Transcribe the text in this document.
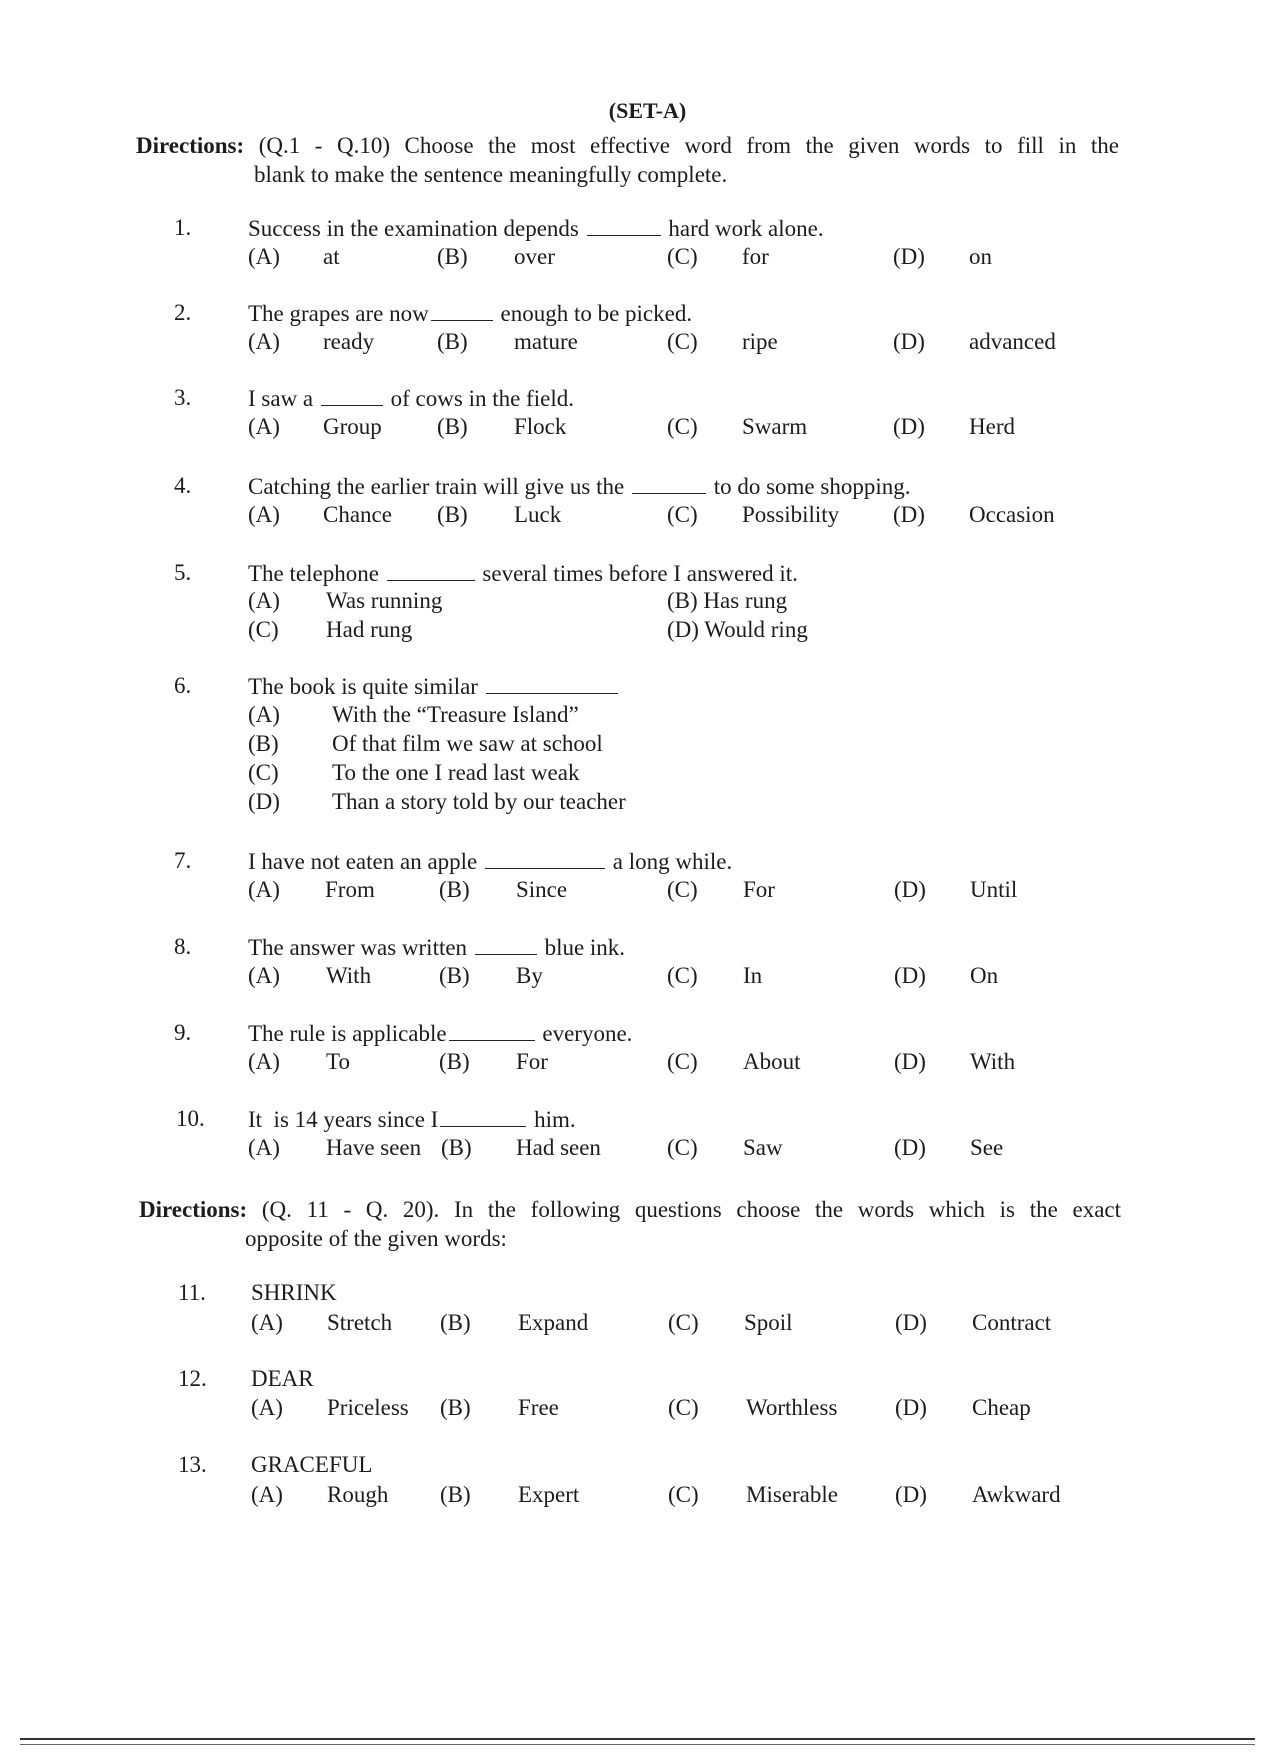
(SET-A)
Directions: (Q.1 - Q.10) Choose the most effective word from the given words to fill in the
blank to make the sentence meaningfully complete.
1. Success in the examination depends	hard work alone.
(A) at	(B) over	(C) for	(D) on
2. The grapes are now	enough to be picked.
(A) ready	(B) mature	(C) ripe	(D) advanced
3. I saw a	of cows in the field.
(A) Group (B) Flock	(C) Swarm	(D) Herd
4. Catching the earlier train will give us the	to do some shopping.
(A) Chance (B) Luck	(C) Possibility (D) Occasion
5. The telephone	several times before I answered it.
(A) Was running	(B) Has rung
(C) Had rung	(D) Would ring
6. The book is quite similar
(A) With the “Treasure Island”
(B) Of that film we saw at school
(C) To the one I read last weak
(D) Than a story told by our teacher
7. I have not eaten an apple	a long while.
(A) From	(B) Since	(C) For	(D) Until
8. The answer was written	blue ink.
(A) With	(B) By	(C) In	(D) On
9. The rule is applicable	everyone.
(A) To	(B) For	(C) About	(D) With
10. It  is 14 years since I	him.
(A) Have seen (B) Had seen	(C) Saw	(D) See
Directions: (Q. 11 - Q. 20). In the following questions choose the words which is the exact
opposite of the given words:
11. SHRINK
(A) Stretch (B) Expand	(C) Spoil	(D) Contract
12. DEAR
(A) Priceless (B) Free	(C) Worthless	(D) Cheap
13. GRACEFUL
(A) Rough (B) Expert	(C) Miserable (D) Awkward
